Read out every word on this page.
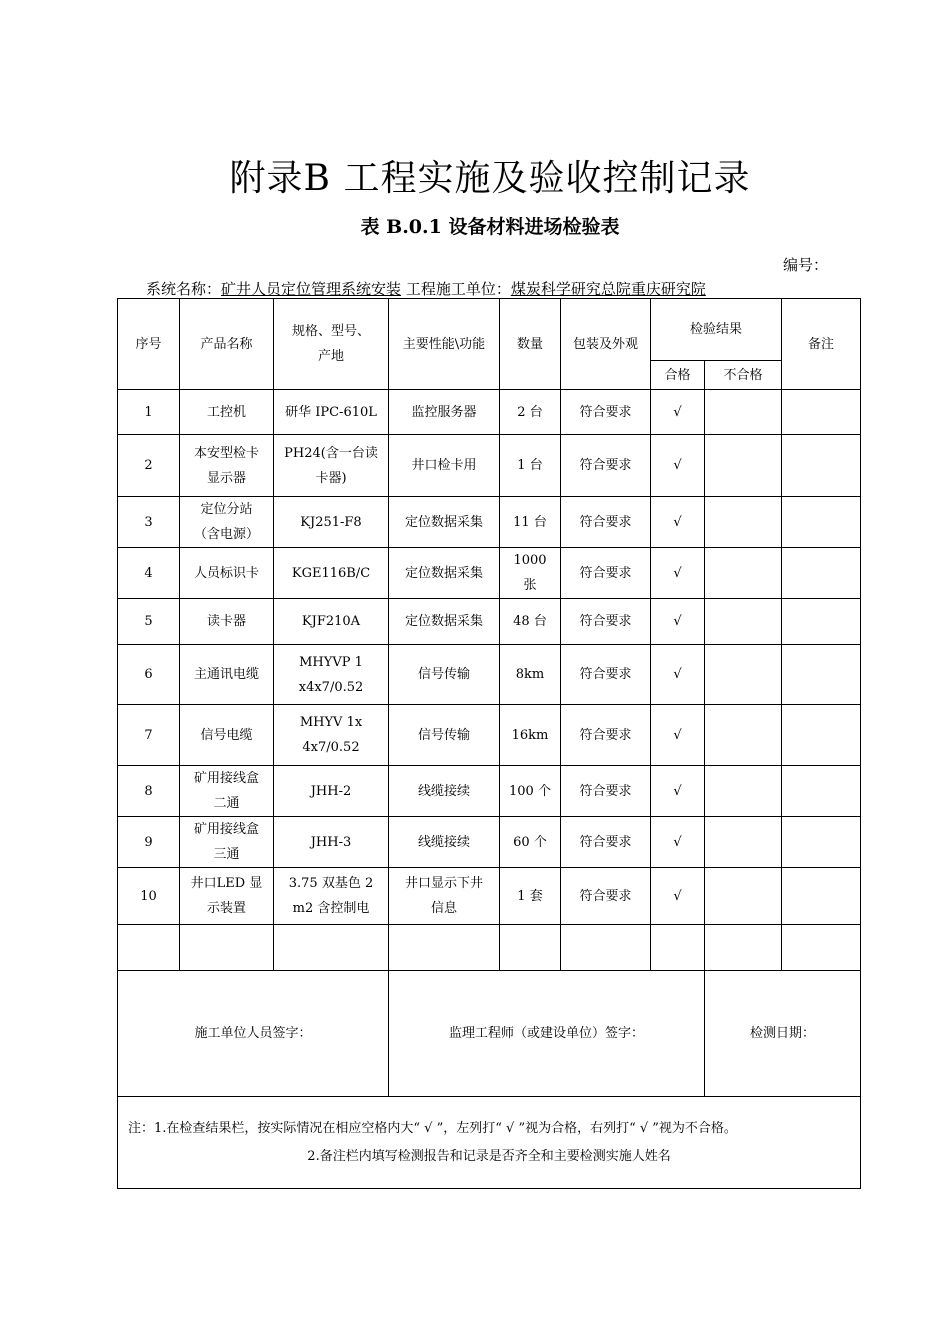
附录B 工程实施及验收控制记录
表 B.0.1 设备材料进场检验表
编号：
系统名称：矿井人员定位管理系统安装 工程施工单位：煤炭科学研究总院重庆研究院
序号	产品名称	规格、型号、产地	主要性能\功能	数量	包装及外观	检验结果		备注
						合格	不合格	
1	工控机	研华 IPC-610L	监控服务器	2 台	符合要求	√		
2	本安型检卡显示器	PH24(含一台读卡器)	井口检卡用	1 台	符合要求	√		
3	定位分站（含电源）	KJ251-F8	定位数据采集	11 台	符合要求	√		
4	人员标识卡	KGE116B/C	定位数据采集	1000 张	符合要求	√		
5	读卡器	KJF210A	定位数据采集	48 台	符合要求	√		
6	主通讯电缆	MHYVP 1x4x7/0.52	信号传输	8km	符合要求	√		
7	信号电缆	MHYV 1x4x7/0.52	信号传输	16km	符合要求	√		
8	矿用接线盒二通	JHH-2	线缆接续	100 个	符合要求	√		
9	矿用接线盒三通	JHH-3	线缆接续	60 个	符合要求	√		
10	井口LED 显示装置	3.75 双基色 2m2 含控制电	井口显示下井信息	1 套	符合要求	√		

施工单位人员签字：			监理工程师（或建设单位）签字：				检测日期：	
注：1.在检查结果栏，按实际情况在相应空格内大“ √ ”，左列打“ √ ”视为合格，右列打“ √ ”视为不合格。
2.备注栏内填写检测报告和记录是否齐全和主要检测实施人姓名								
